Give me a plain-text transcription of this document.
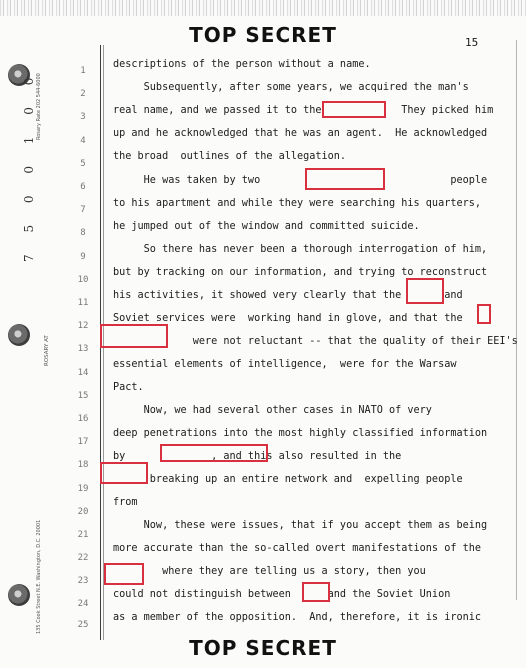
TOP SECRET	15
Rosary Rate 202 544-6000
7 5 0 0 1 0 0
ROSARY AT
135 Cook Street N.E. Washington, D.C. 20001
1
2
3
4
5
6
7
8
9
10
11
12
13
14
15
16
17
18
19
20
21
22
23
24
25
descriptions of the person without a name.
Subsequently, after some years, we acquired the man's
real name, and we passed it to the             They picked him
up and he acknowledged that he was an agent.  He acknowledged
the broad  outlines of the allegation.
He was taken by two                               people
to his apartment and while they were searching his quarters,
he jumped out of the window and committed suicide.
So there has never been a thorough interrogation of him,
but by tracking on our information, and trying to reconstruct
his activities, it showed very clearly that the       and
Soviet services were  working hand in glove, and that the
were not reluctant -- that the quality of their EEI's
essential elements of intelligence,  were for the Warsaw
Pact.
Now, we had several other cases in NATO of very
deep penetrations into the most highly classified information
by              , and this also resulted in the
breaking up an entire network and  expelling people
from
Now, these were issues, that if you accept them as being
more accurate than the so-called overt manifestations of the
where they are telling us a story, then you
could not distinguish between      and the Soviet Union
as a member of the opposition.  And, therefore, it is ironic
TOP SECRET
